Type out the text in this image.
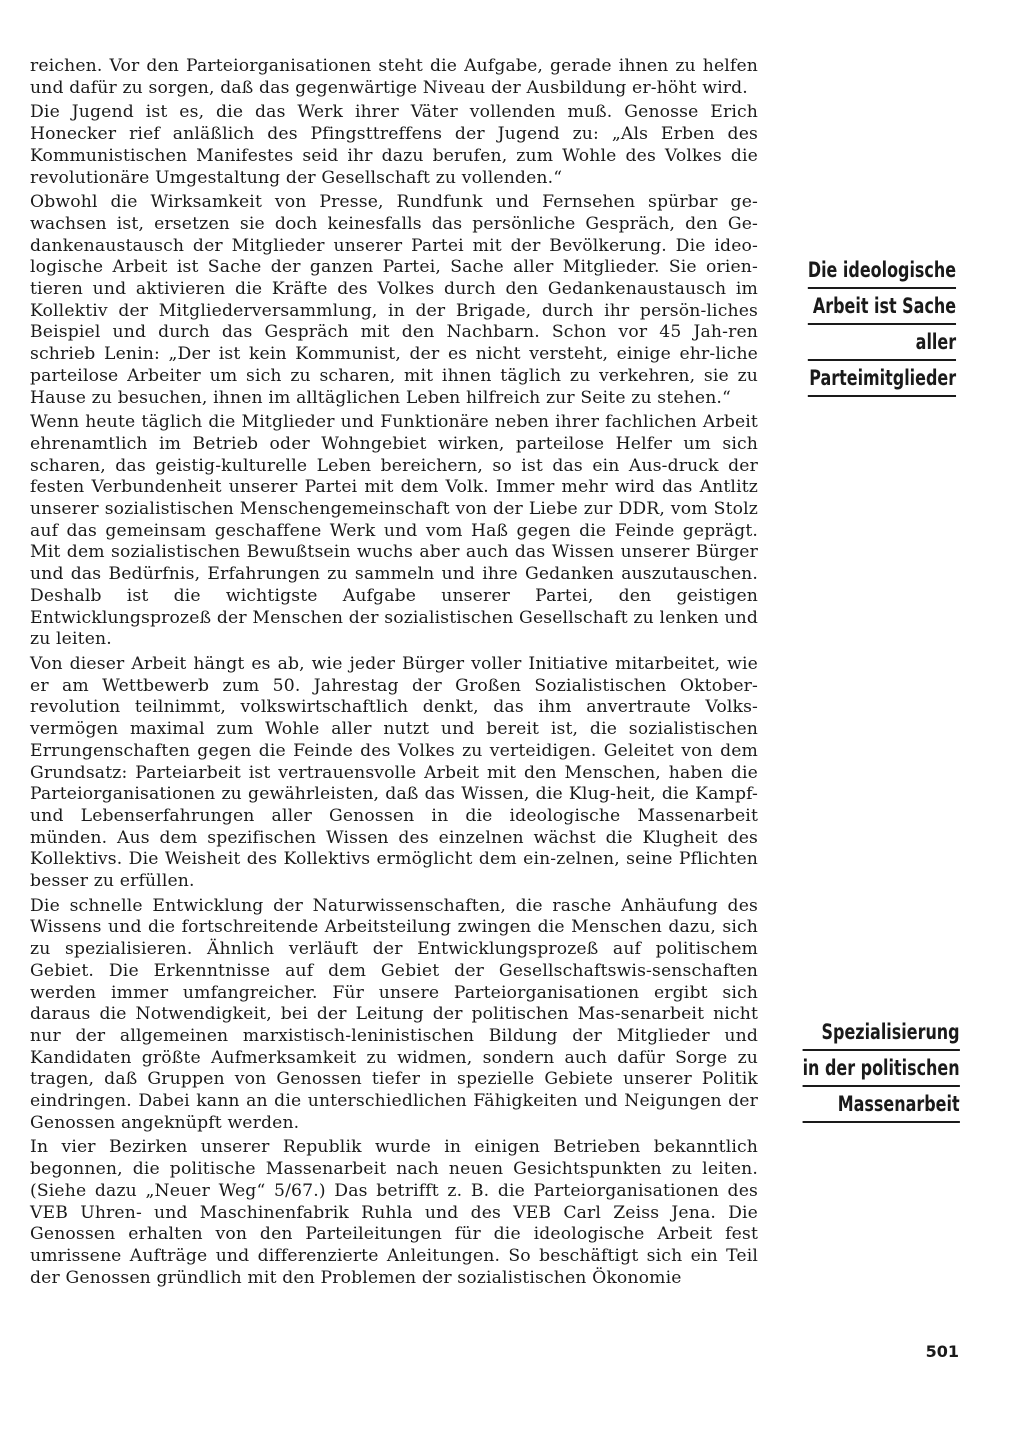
reichen. Vor den Parteiorganisationen steht die Aufgabe, gerade ihnen zu helfen und dafür zu sorgen, daß das gegenwärtige Niveau der Ausbildung er-höht wird.

Die Jugend ist es, die das Werk ihrer Väter vollenden muß. Genosse Erich Honecker rief anläßlich des Pfingsttreffens der Jugend zu: „Als Erben des Kommunistischen Manifestes seid ihr dazu berufen, zum Wohle des Volkes die revolutionäre Umgestaltung der Gesellschaft zu vollenden.“

Obwohl die Wirksamkeit von Presse, Rundfunk und Fernsehen spürbar ge-wachsen ist, ersetzen sie doch keinesfalls das persönliche Gespräch, den Ge-dankenaustausch der Mitglieder unserer Partei mit der Bevölkerung. Die ideo-logische Arbeit ist Sache der ganzen Partei, Sache aller Mitglieder. Sie orien-tieren und aktivieren die Kräfte des Volkes durch den Gedankenaustausch im Kollektiv der Mitgliederversammlung, in der Brigade, durch ihr persön-liches Beispiel und durch das Gespräch mit den Nachbarn. Schon vor 45 Jah-ren schrieb Lenin: „Der ist kein Kommunist, der es nicht versteht, einige ehr-liche parteilose Arbeiter um sich zu scharen, mit ihnen täglich zu verkehren, sie zu Hause zu besuchen, ihnen im alltäglichen Leben hilfreich zur Seite zu stehen.“

Wenn heute täglich die Mitglieder und Funktionäre neben ihrer fachlichen Arbeit ehrenamtlich im Betrieb oder Wohngebiet wirken, parteilose Helfer um sich scharen, das geistig-kulturelle Leben bereichern, so ist das ein Aus-druck der festen Verbundenheit unserer Partei mit dem Volk. Immer mehr wird das Antlitz unserer sozialistischen Menschengemeinschaft von der Liebe zur DDR, vom Stolz auf das gemeinsam geschaffene Werk und vom Haß gegen die Feinde geprägt. Mit dem sozialistischen Bewußtsein wuchs aber auch das Wissen unserer Bürger und das Bedürfnis, Erfahrungen zu sammeln und ihre Gedanken auszutauschen. Deshalb ist die wichtigste Aufgabe unserer Partei, den geistigen Entwicklungsprozeß der Menschen der sozialistischen Gesellschaft zu lenken und zu leiten.

Von dieser Arbeit hängt es ab, wie jeder Bürger voller Initiative mitarbeitet, wie er am Wettbewerb zum 50. Jahrestag der Großen Sozialistischen Oktober-revolution teilnimmt, volkswirtschaftlich denkt, das ihm anvertraute Volks-vermögen maximal zum Wohle aller nutzt und bereit ist, die sozialistischen Errungenschaften gegen die Feinde des Volkes zu verteidigen. Geleitet von dem Grundsatz: Parteiarbeit ist vertrauensvolle Arbeit mit den Menschen, haben die Parteiorganisationen zu gewährleisten, daß das Wissen, die Klug-heit, die Kampf- und Lebenserfahrungen aller Genossen in die ideologische Massenarbeit münden. Aus dem spezifischen Wissen des einzelnen wächst die Klugheit des Kollektivs. Die Weisheit des Kollektivs ermöglicht dem ein-zelnen, seine Pflichten besser zu erfüllen.

Die schnelle Entwicklung der Naturwissenschaften, die rasche Anhäufung des Wissens und die fortschreitende Arbeitsteilung zwingen die Menschen dazu, sich zu spezialisieren. Ähnlich verläuft der Entwicklungsprozeß auf politischem Gebiet. Die Erkenntnisse auf dem Gebiet der Gesellschaftswis-senschaften werden immer umfangreicher. Für unsere Parteiorganisationen ergibt sich daraus die Notwendigkeit, bei der Leitung der politischen Mas-senarbeit nicht nur der allgemeinen marxistisch-leninistischen Bildung der Mitglieder und Kandidaten größte Aufmerksamkeit zu widmen, sondern auch dafür Sorge zu tragen, daß Gruppen von Genossen tiefer in spezielle Gebiete unserer Politik eindringen. Dabei kann an die unterschiedlichen Fähigkeiten und Neigungen der Genossen angeknüpft werden.

In vier Bezirken unserer Republik wurde in einigen Betrieben bekanntlich begonnen, die politische Massenarbeit nach neuen Gesichtspunkten zu leiten. (Siehe dazu „Neuer Weg“ 5/67.) Das betrifft z. B. die Parteiorganisationen des VEB Uhren- und Maschinenfabrik Ruhla und des VEB Carl Zeiss Jena. Die Genossen erhalten von den Parteileitungen für die ideologische Arbeit fest umrissene Aufträge und differenzierte Anleitungen. So beschäftigt sich ein Teil der Genossen gründlich mit den Problemen der sozialistischen Ökonomie

Die ideologische
Arbeit ist Sache
aller
Parteimitglieder
Spezialisierung
in der politischen
Massenarbeit
501
